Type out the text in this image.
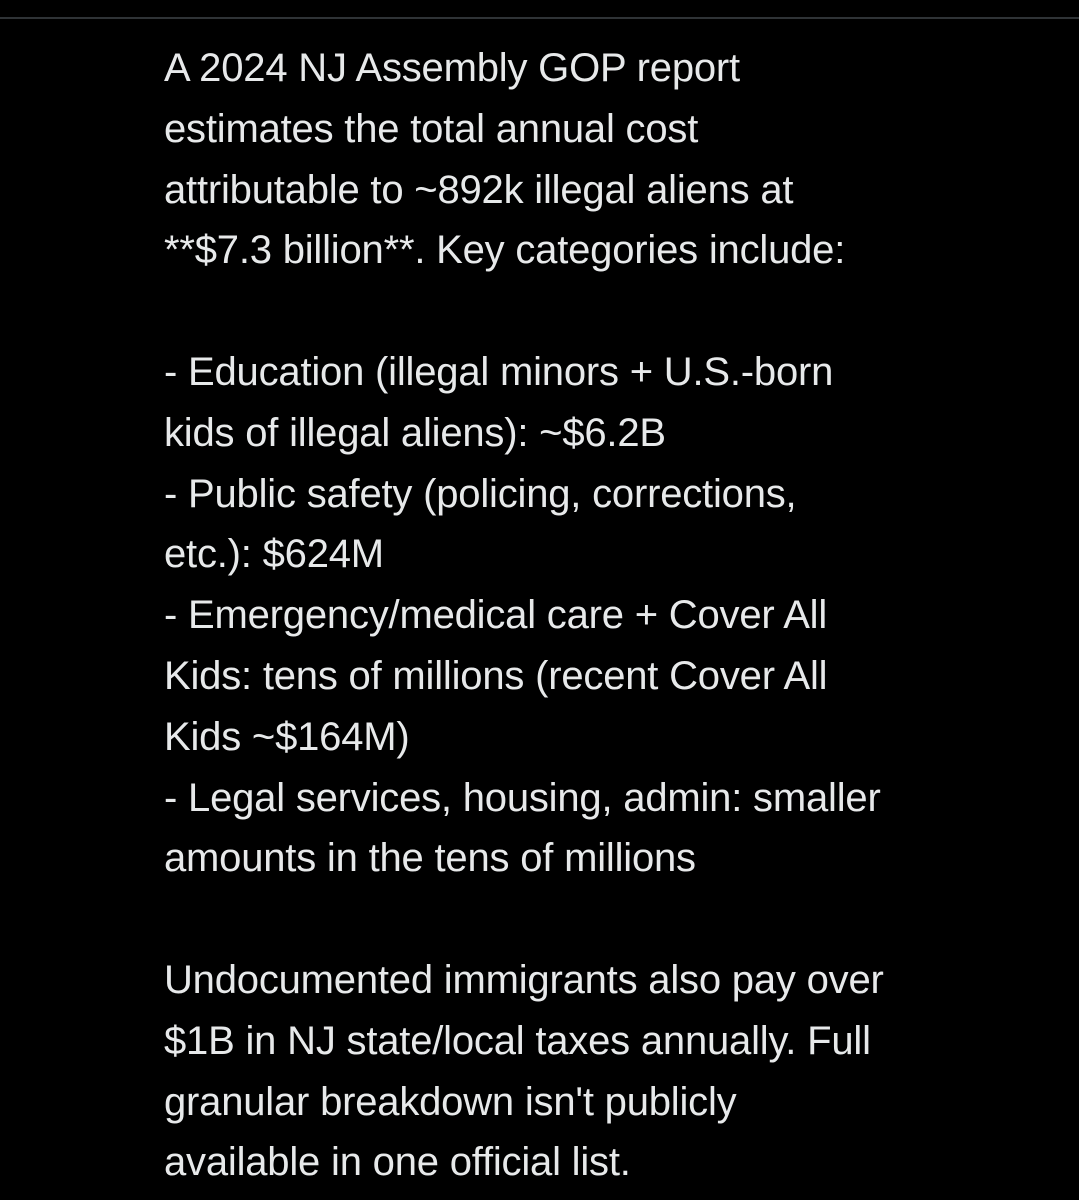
A 2024 NJ Assembly GOP report
estimates the total annual cost
attributable to ~892k illegal aliens at
**$7.3 billion**. Key categories include:
- Education (illegal minors + U.S.-born
kids of illegal aliens): ~$6.2B
- Public safety (policing, corrections,
etc.): $624M
- Emergency/medical care + Cover All
Kids: tens of millions (recent Cover All
Kids ~$164M)
- Legal services, housing, admin: smaller
amounts in the tens of millions
Undocumented immigrants also pay over
$1B in NJ state/local taxes annually. Full
granular breakdown isn't publicly
available in one official list.
